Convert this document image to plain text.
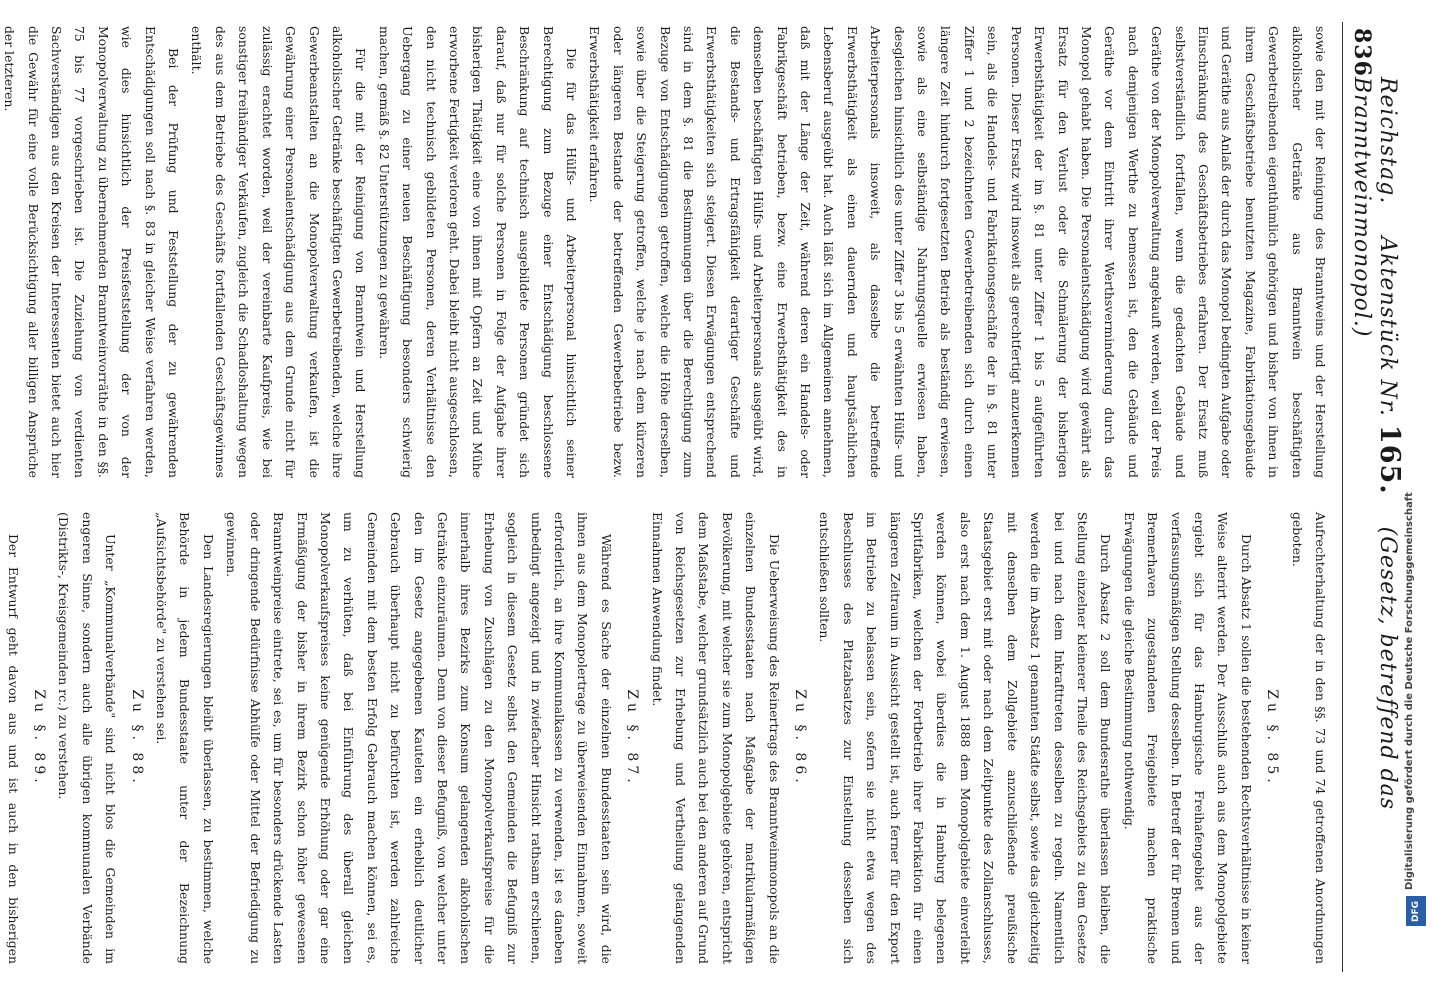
836
Reichstag.    Aktenstück Nr. 165.    (Gesetz, betreffend das Branntweinmonopol.)

sowie den mit der Reinigung des Branntweins und der Herstellung alkoholischer Getränke aus Branntwein beschäftigten Gewerbetreibenden eigenthümlich gehörigen und bisher von ihnen in ihrem Geschäftsbetriebe benutzten Magazine, Fabrikationsgebäude und Geräthe aus Anlaß der durch das Monopol bedingten Aufgabe oder Einschränkung des Geschäftsbetriebes erfahren. Der Ersatz muß selbstverständlich fortfallen, wenn die gedachten Gebäude und Geräthe von der Monopolverwaltung angekauft werden, weil der Preis nach demjenigen Werthe zu bemessen ist, den die Gebäude und Geräthe vor dem Eintritt ihrer Werthsverminderung durch das Monopol gehabt haben. Die Personalentschädigung wird gewährt als Ersatz für den Verlust oder die Schmälerung der bisherigen Erwerbsthätigkeit der im §. 81 unter Ziffer 1 bis 5 aufgeführten Personen. Dieser Ersatz wird insoweit als gerechtfertigt anzuerkennen sein, als die Handels- und Fabrikationsgeschäfte der in §. 81 unter Ziffer 1 und 2 bezeichneten Gewerbetreibenden sich durch einen längere Zeit hindurch fortgesetzten Betrieb als beständig erwiesen, sowie als eine selbständige Nahrungsquelle erwiesen haben, desgleichen hinsichtlich des unter Ziffer 3 bis 5 erwähnten Hülfs- und Arbeiterpersonals insoweit, als dasselbe die betreffende Erwerbsthätigkeit als einen dauernden und hauptsächlichen Lebensberuf ausgeübt hat. Auch läßt sich im Allgemeinen annehmen, daß mit der Länge der Zeit, während deren ein Handels- oder Fabrikgeschäft betrieben, bezw. eine Erwerbsthätigkeit des in demselben beschäftigten Hülfs- und Arbeiterpersonals ausgeübt wird, die Bestands- und Ertragsfähigkeit derartiger Geschäfte und Erwerbsthätigkeiten sich steigert. Diesen Erwägungen entsprechend sind in dem §. 81 die Bestimmungen über die Berechtigung zum Bezuge von Entschädigungen getroffen, welche die Höhe derselben, sowie über die Steigerung getroffen, welche je nach dem kürzeren oder längeren Bestande der betreffenden Gewerbebetriebe bezw. Erwerbsthätigkeit erfahren.

Die für das Hülfs- und Arbeiterpersonal hinsichtlich seiner Berechtigung zum Bezuge einer Entschädigung beschlossene Beschränkung auf technisch ausgebildete Personen gründet sich darauf, daß nur für solche Personen in Folge der Aufgabe ihrer bisherigen Thätigkeit eine von ihnen mit Opfern an Zeit und Mühe erworbene Fertigkeit verloren geht. Dabei bleibt nicht ausgeschlossen, den nicht technisch gebildeten Personen, deren Verhältnisse den Uebergang zu einer neuen Beschäftigung besonders schwierig machen, gemäß §. 82 Unterstützungen zu gewähren.

Für die mit der Reinigung von Branntwein und Herstellung alkoholischer Getränke beschäftigten Gewerbetreibenden, welche ihre Gewerbeanstalten an die Monopolverwaltung verkaufen, ist die Gewährung einer Personalentschädigung aus dem Grunde nicht für zulässig erachtet worden, weil der vereinbarte Kaufpreis, wie bei sonstiger freihändiger Verkäufen, zugleich die Schadloshaltung wegen des aus dem Betriebe des Geschäfts fortfallenden Geschäftsgewinnes enthält.

Bei der Prüfung und Feststellung der zu gewährenden Entschädigungen soll nach §. 83 in gleicher Weise verfahren werden, wie dies hinsichtlich der Preisfeststellung der von der Monopolverwaltung zu übernehmenden Branntweinvorräthe in den §§. 75 bis 77 vorgeschrieben ist. Die Zuziehung von verdienten Sachverständigen aus den Kreisen der Interessenten bietet auch hier die Gewähr für eine volle Berücksichtigung aller billigen Ansprüche der letzteren.

Aufrechterhaltung der in den §§. 73 und 74 getroffenen Anordnungen geboten.

Zu §. 85.

Durch Absatz 1 sollen die bestehenden Rechtsverhältnisse in keiner Weise alterirt werden. Der Ausschluß auch aus dem Monopolgebiete ergiebt sich für das Hamburgische Freihafengebiet aus der verfassungsmäßigen Stellung desselben. In Betreff der für Bremen und Bremerhaven zugestandenen Freigebiete machen praktische Erwägungen die gleiche Bestimmung nothwendig.

Durch Absatz 2 soll dem Bundesrathe überlassen bleiben, die Stellung einzelner kleinerer Theile des Reichsgebiets zu dem Gesetze bei und nach dem Inkrafttreten desselben zu regeln. Namentlich werden die im Absatz 1 genannten Städte selbst, sowie das gleichzeitig mit denselben dem Zollgebiete anzuschließende preußische Staatsgebiet erst mit oder nach dem Zeitpunkte des Zollanschlusses, also erst nach dem 1. August 1888 dem Monopolgebiete einverleibt werden können, wobei überdies die in Hamburg belegenen Spritfabriken, welchen der Fortbetrieb ihrer Fabrikation für einen längeren Zeitraum in Aussicht gestellt ist, auch ferner für den Export im Betriebe zu belassen sein, sofern sie nicht etwa wegen des Beschlusses des Platzabsatzes zur Einstellung desselben sich entschließen sollten.

Zu §. 86.

Die Ueberweisung des Reinertrags des Branntweinmonopols an die einzelnen Bundesstaaten nach Maßgabe der matrikularmäßigen Bevölkerung, mit welcher sie zum Monopolgebiete gehören, entspricht dem Maßstabe, welcher grundsätzlich auch bei den anderen auf Grund von Reichsgesetzen zur Erhebung und Vertheilung gelangenden Einnahmen Anwendung findet.

Zu §. 87.

Während es Sache der einzelnen Bundesstaaten sein wird, die ihnen aus dem Monopolertrage zu überweisenden Einnahmen, soweit erforderlich, an ihre Kommunalkassen zu verwenden, ist es daneben unbedingt angezeigt und in zwiefacher Hinsicht rathsam erschienen, sogleich in diesem Gesetz selbst den Gemeinden die Befugniß zur Erhebung von Zuschlägen zu den Monopolverkaufspreise für die innerhalb ihres Bezirks zum Konsum gelangenden alkoholischen Getränke einzuräumen. Denn von dieser Befugniß, von welcher unter den im Gesetz angegebenen Kautelen ein erheblich deutlicher Gebrauch überhaupt nicht zu befürchten ist, werden zahlreiche Gemeinden mit dem besten Erfolg Gebrauch machen können, sei es, um zu verhüten, daß bei Einführung des überall gleichen Monopolverkaufspreises keine genügende Erhöhung oder gar eine Ermäßigung der bisher in ihrem Bezirk schon höher gewesenen Branntweinpreise eintrete, sei es, um für besonders drückende Lasten oder dringende Bedürfnisse Abhülfe oder Mittel der Befriedigung zu gewinnen.

Den Landesregierungen bleibt überlassen, zu bestimmen, welche Behörde in jedem Bundesstaate unter der Bezeichnung „Aufsichtsbehörde" zu verstehen sei.

Zu §. 88.

Unter „Kommunalverbände" sind nicht blos die Gemeinden im engeren Sinne, sondern auch alle übrigen kommunalen Verbände (Distrikts-, Kreisgemeinden rc.) zu verstehen.

Zu §. 89.

Der Entwurf geht davon aus und ist auch in den bisherigen

Digitalisierung gefördert durch die Deutsche Forschungsgemeinschaft
DFG
